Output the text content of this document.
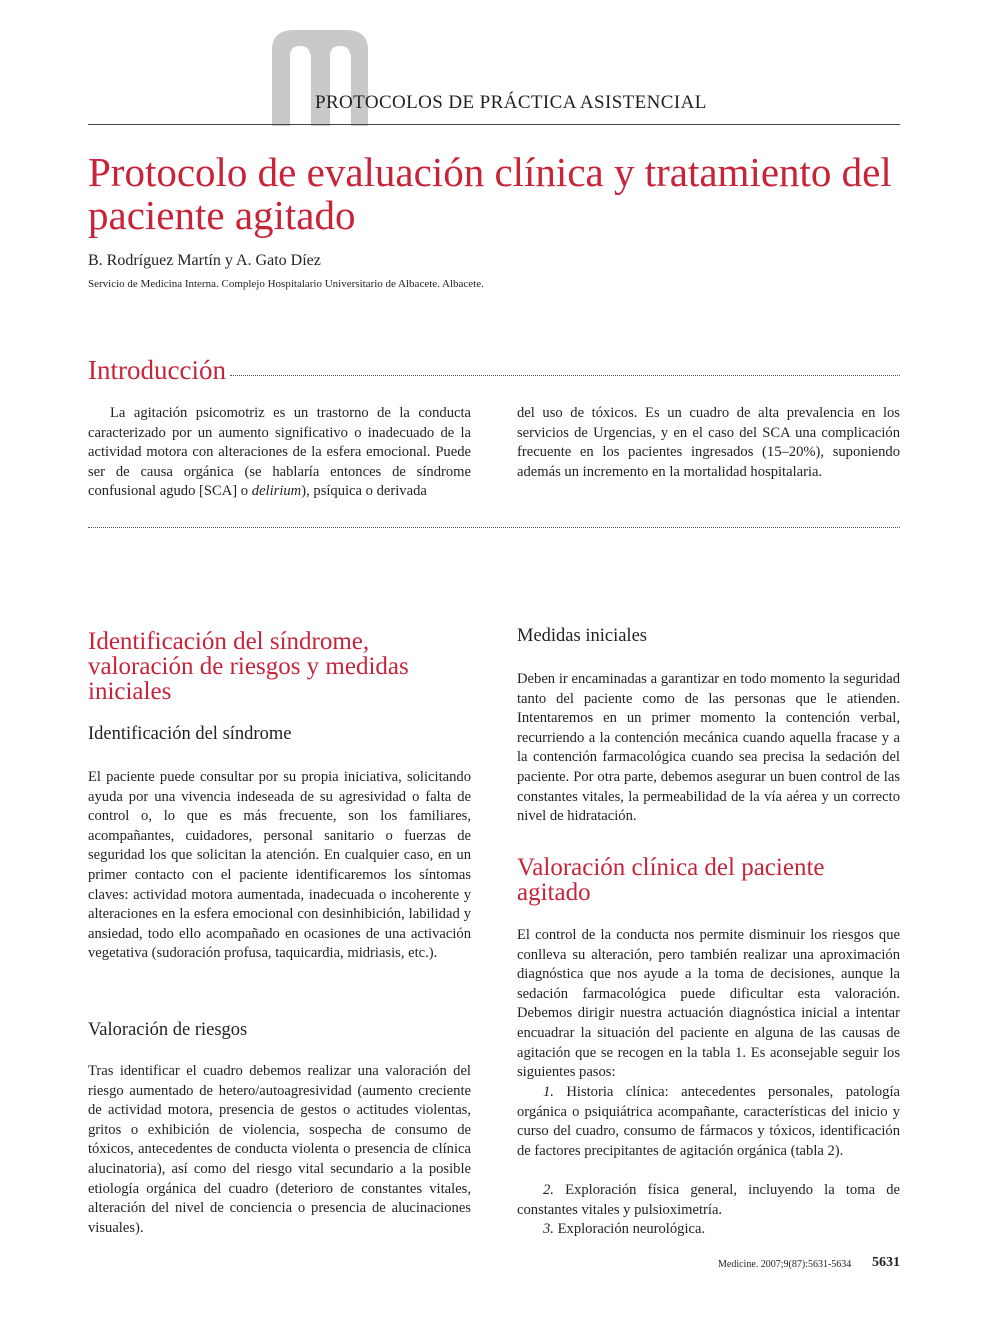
PROTOCOLOS DE PRÁCTICA ASISTENCIAL
Protocolo de evaluación clínica y tratamiento del paciente agitado
B. Rodríguez Martín y A. Gato Díez
Servicio de Medicina Interna. Complejo Hospitalario Universitario de Albacete. Albacete.
Introducción

La agitación psicomotriz es un trastorno de la conducta caracterizado por un aumento significativo o inadecuado de la actividad motora con alteraciones de la esfera emocional. Puede ser de causa orgánica (se hablaría entonces de síndrome confusional agudo [SCA] o delirium), psíquica o derivada

del uso de tóxicos. Es un cuadro de alta prevalencia en los servicios de Urgencias, y en el caso del SCA una complicación frecuente en los pacientes ingresados (15–20%), suponiendo además un incremento en la mortalidad hospitalaria.

Identificación del síndrome, valoración de riesgos y medidas iniciales
Identificación del síndrome

El paciente puede consultar por su propia iniciativa, solicitando ayuda por una vivencia indeseada de su agresividad o falta de control o, lo que es más frecuente, son los familiares, acompañantes, cuidadores, personal sanitario o fuerzas de seguridad los que solicitan la atención. En cualquier caso, en un primer contacto con el paciente identificaremos los síntomas claves: actividad motora aumentada, inadecuada o incoherente y alteraciones en la esfera emocional con desinhibición, labilidad y ansiedad, todo ello acompañado en ocasiones de una activación vegetativa (sudoración profusa, taquicardia, midriasis, etc.).

Valoración de riesgos

Tras identificar el cuadro debemos realizar una valoración del riesgo aumentado de hetero/autoagresividad (aumento creciente de actividad motora, presencia de gestos o actitudes violentas, gritos o exhibición de violencia, sospecha de consumo de tóxicos, antecedentes de conducta violenta o presencia de clínica alucinatoria), así como del riesgo vital secundario a la posible etiología orgánica del cuadro (deterioro de constantes vitales, alteración del nivel de conciencia o presencia de alucinaciones visuales).

Medidas iniciales

Deben ir encaminadas a garantizar en todo momento la seguridad tanto del paciente como de las personas que le atienden. Intentaremos en un primer momento la contención verbal, recurriendo a la contención mecánica cuando aquella fracase y a la contención farmacológica cuando sea precisa la sedación del paciente. Por otra parte, debemos asegurar un buen control de las constantes vitales, la permeabilidad de la vía aérea y un correcto nivel de hidratación.

Valoración clínica del paciente agitado

El control de la conducta nos permite disminuir los riesgos que conlleva su alteración, pero también realizar una aproximación diagnóstica que nos ayude a la toma de decisiones, aunque la sedación farmacológica puede dificultar esta valoración. Debemos dirigir nuestra actuación diagnóstica inicial a intentar encuadrar la situación del paciente en alguna de las causas de agitación que se recogen en la tabla 1. Es aconsejable seguir los siguientes pasos:

1. Historia clínica: antecedentes personales, patología orgánica o psiquiátrica acompañante, características del inicio y curso del cuadro, consumo de fármacos y tóxicos, identificación de factores precipitantes de agitación orgánica (tabla 2).

2. Exploración física general, incluyendo la toma de constantes vitales y pulsioximetría.

3. Exploración neurológica.

Medicine. 2007;9(87):5631-5634 5631
